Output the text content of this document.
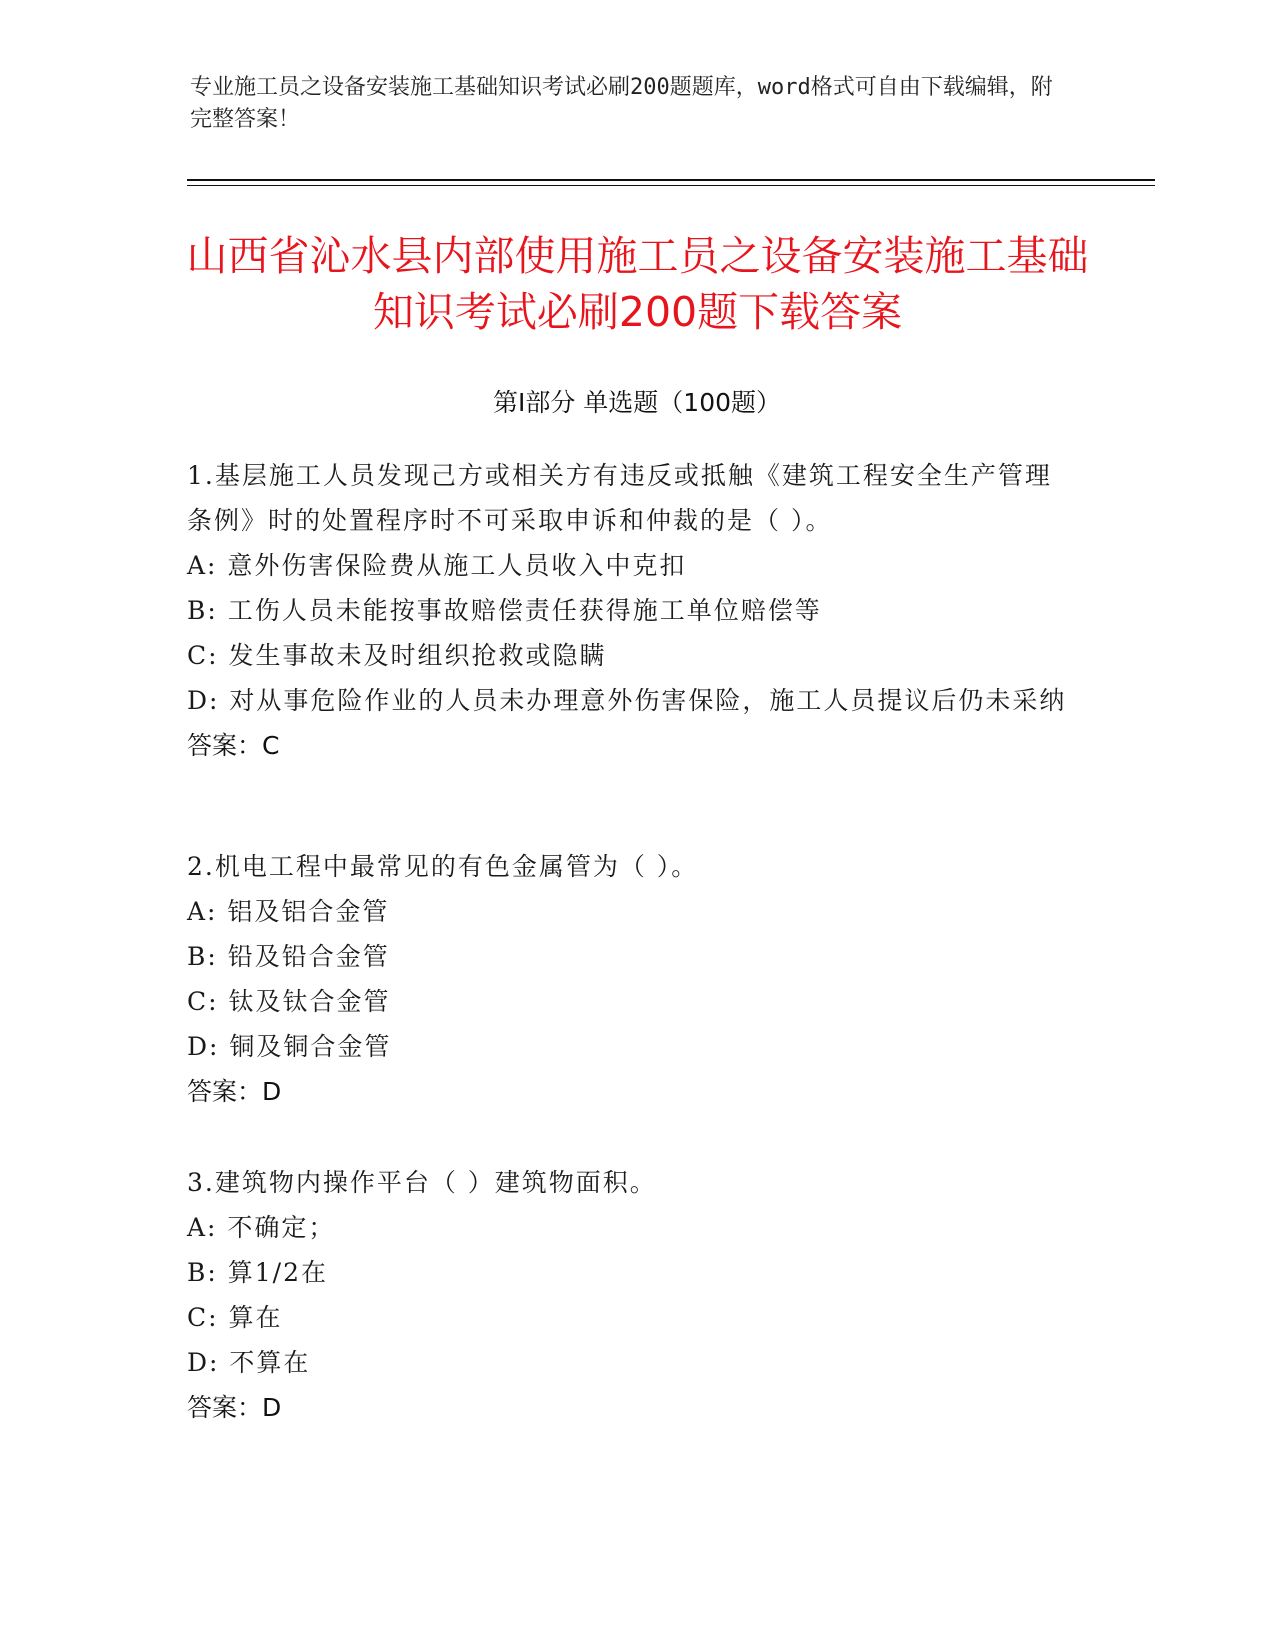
专业施工员之设备安装施工基础知识考试必刷200题题库，word格式可自由下载编辑，附完整答案！
山西省沁水县内部使用施工员之设备安装施工基础知识考试必刷200题下载答案
第Ⅰ部分 单选题（100题）
1.基层施工人员发现己方或相关方有违反或抵触《建筑工程安全生产管理条例》时的处置程序时不可采取申诉和仲裁的是（ ）。
A: 意外伤害保险费从施工人员收入中克扣
B: 工伤人员未能按事故赔偿责任获得施工单位赔偿等
C: 发生事故未及时组织抢救或隐瞒
D: 对从事危险作业的人员未办理意外伤害保险，施工人员提议后仍未采纳
答案：C
2.机电工程中最常见的有色金属管为（ ）。
A: 铝及铝合金管
B: 铅及铅合金管
C: 钛及钛合金管
D: 铜及铜合金管
答案：D
3.建筑物内操作平台（ ）建筑物面积。
A: 不确定；
B: 算1/2在
C: 算在
D: 不算在
答案：D
